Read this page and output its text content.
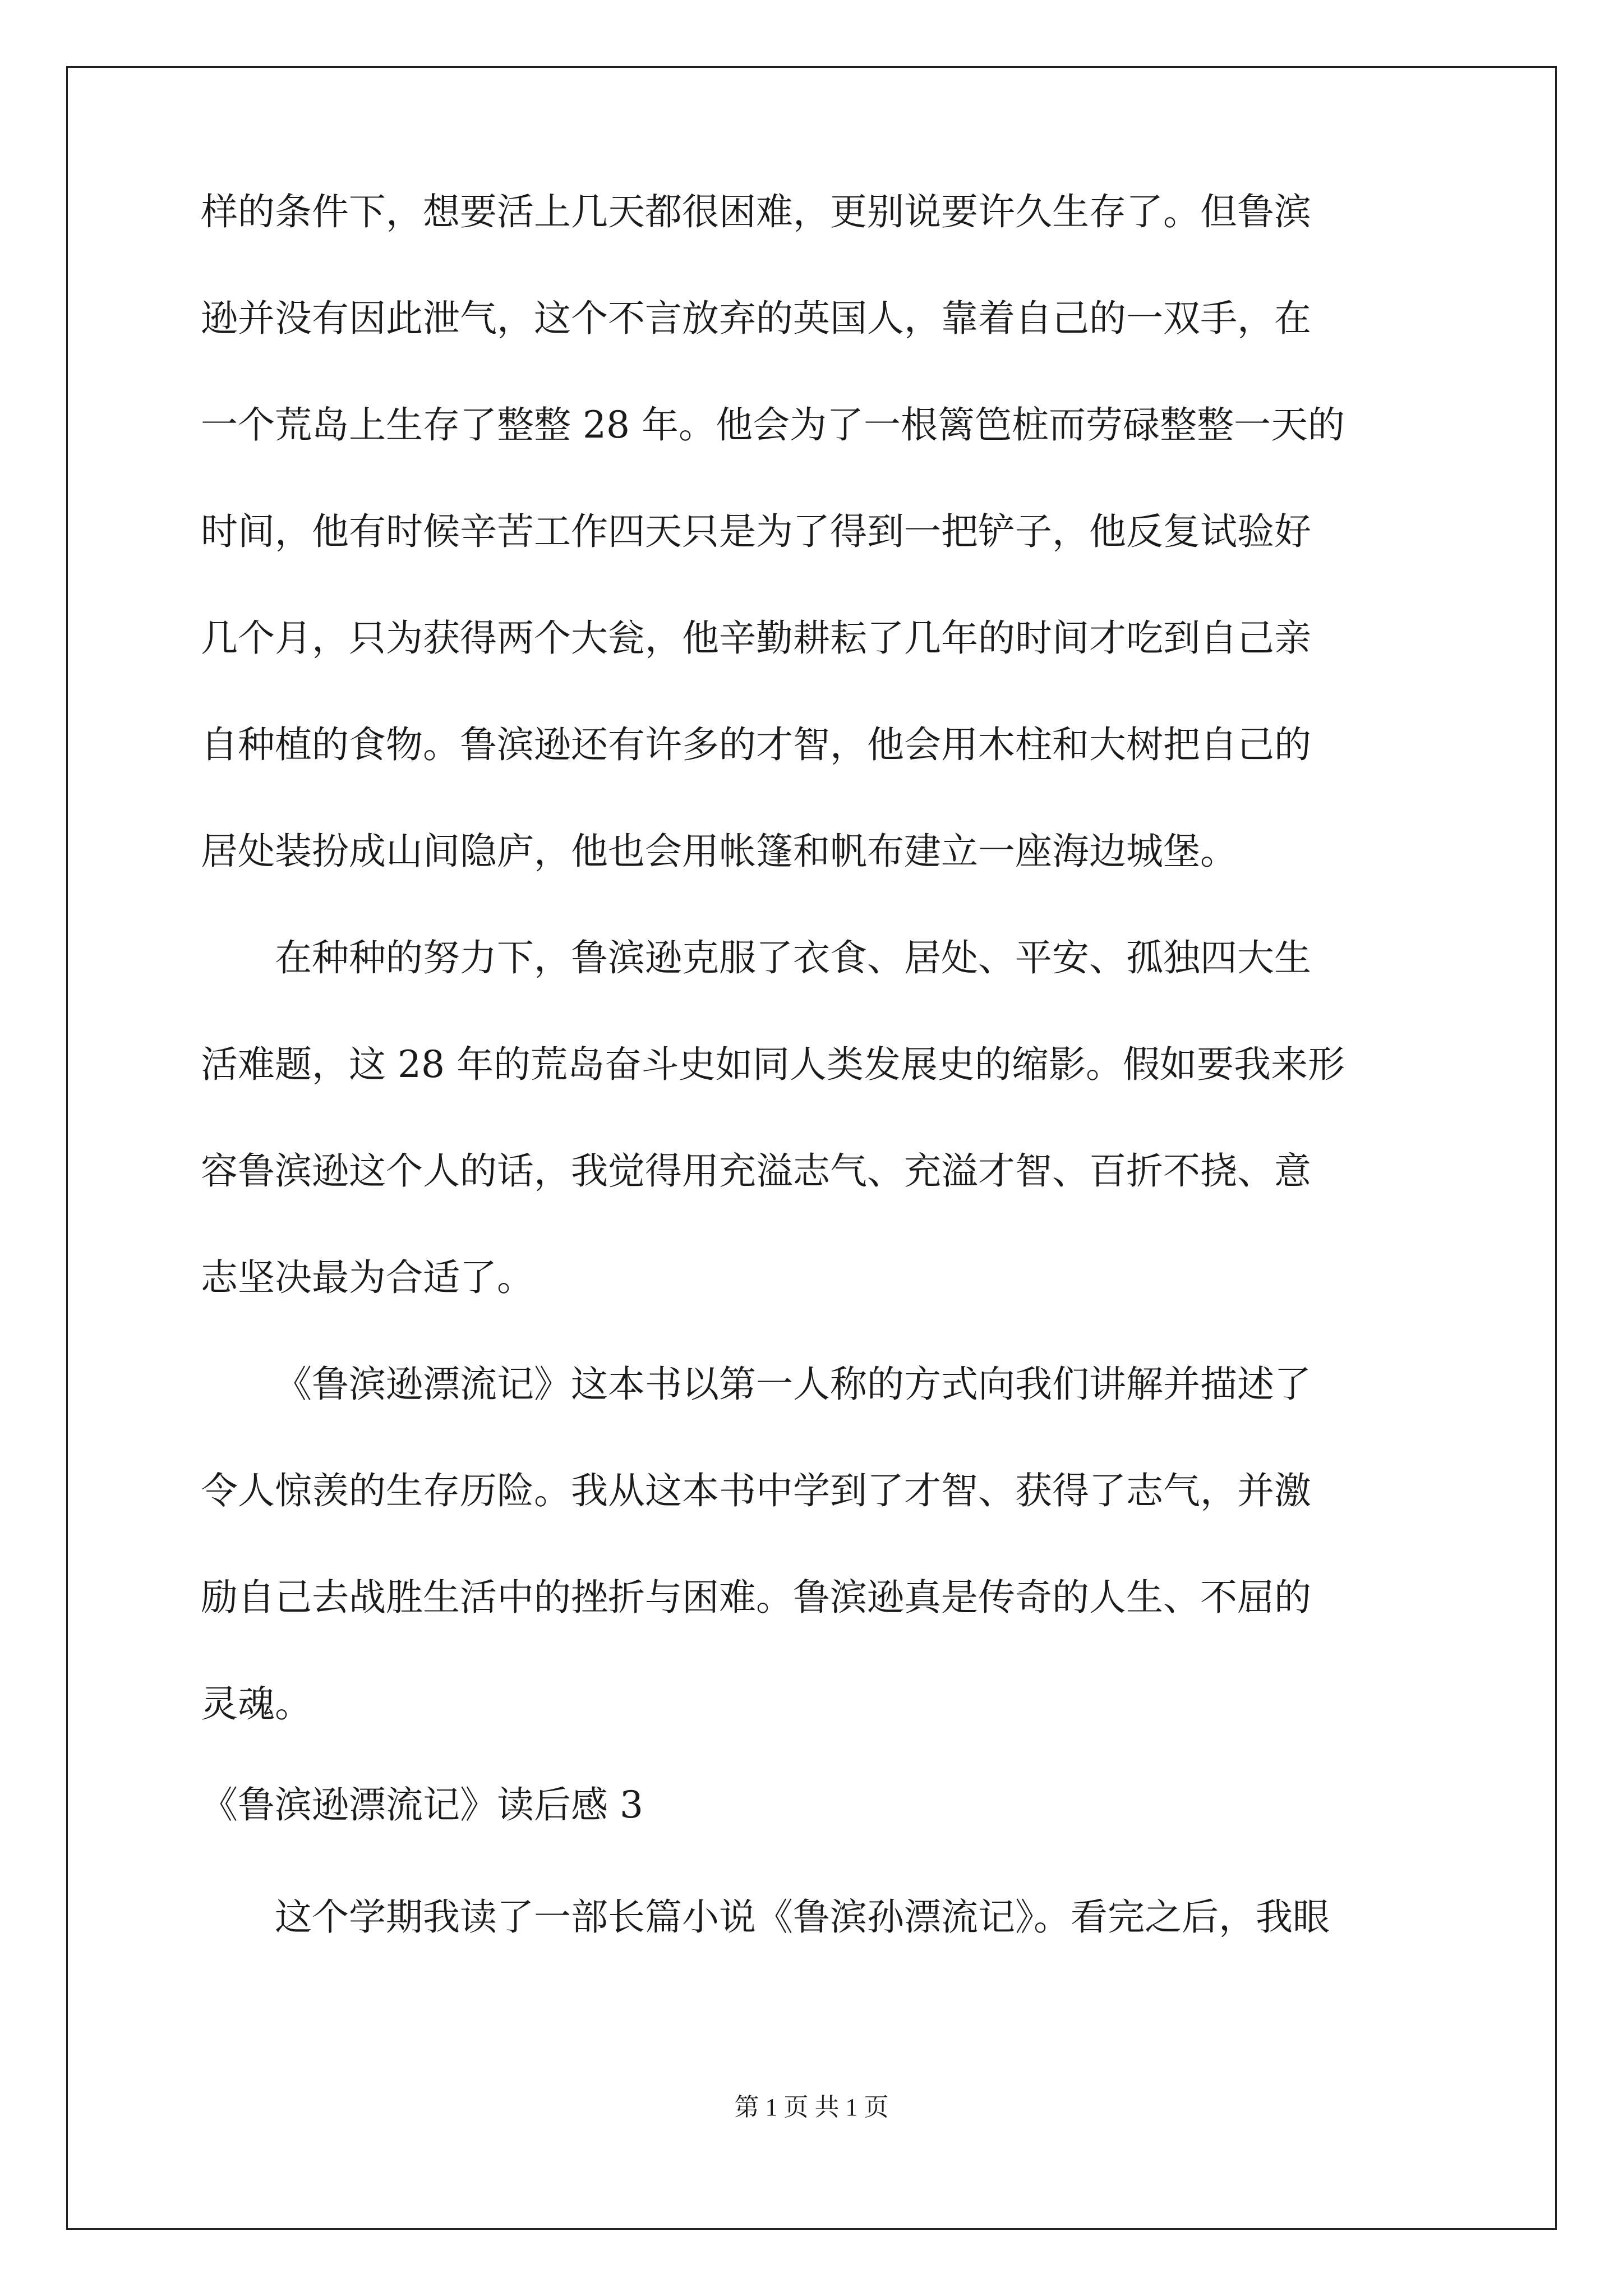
样的条件下，想要活上几天都很困难，更别说要许久生存了。但鲁滨
逊并没有因此泄气，这个不言放弃的英国人，靠着自己的一双手，在
一个荒岛上生存了整整 28 年。他会为了一根篱笆桩而劳碌整整一天的
时间，他有时候辛苦工作四天只是为了得到一把铲子，他反复试验好
几个月，只为获得两个大瓮，他辛勤耕耘了几年的时间才吃到自己亲
自种植的食物。鲁滨逊还有许多的才智，他会用木柱和大树把自己的
居处装扮成山间隐庐，他也会用帐篷和帆布建立一座海边城堡。
在种种的努力下，鲁滨逊克服了衣食、居处、平安、孤独四大生
活难题，这 28 年的荒岛奋斗史如同人类发展史的缩影。假如要我来形
容鲁滨逊这个人的话，我觉得用充溢志气、充溢才智、百折不挠、意
志坚决最为合适了。
《鲁滨逊漂流记》这本书以第一人称的方式向我们讲解并描述了
令人惊羡的生存历险。我从这本书中学到了才智、获得了志气，并激
励自己去战胜生活中的挫折与困难。鲁滨逊真是传奇的人生、不屈的
灵魂。
《鲁滨逊漂流记》读后感 3
这个学期我读了一部长篇小说《鲁滨孙漂流记》。看完之后，我眼
第 1 页 共 1 页
